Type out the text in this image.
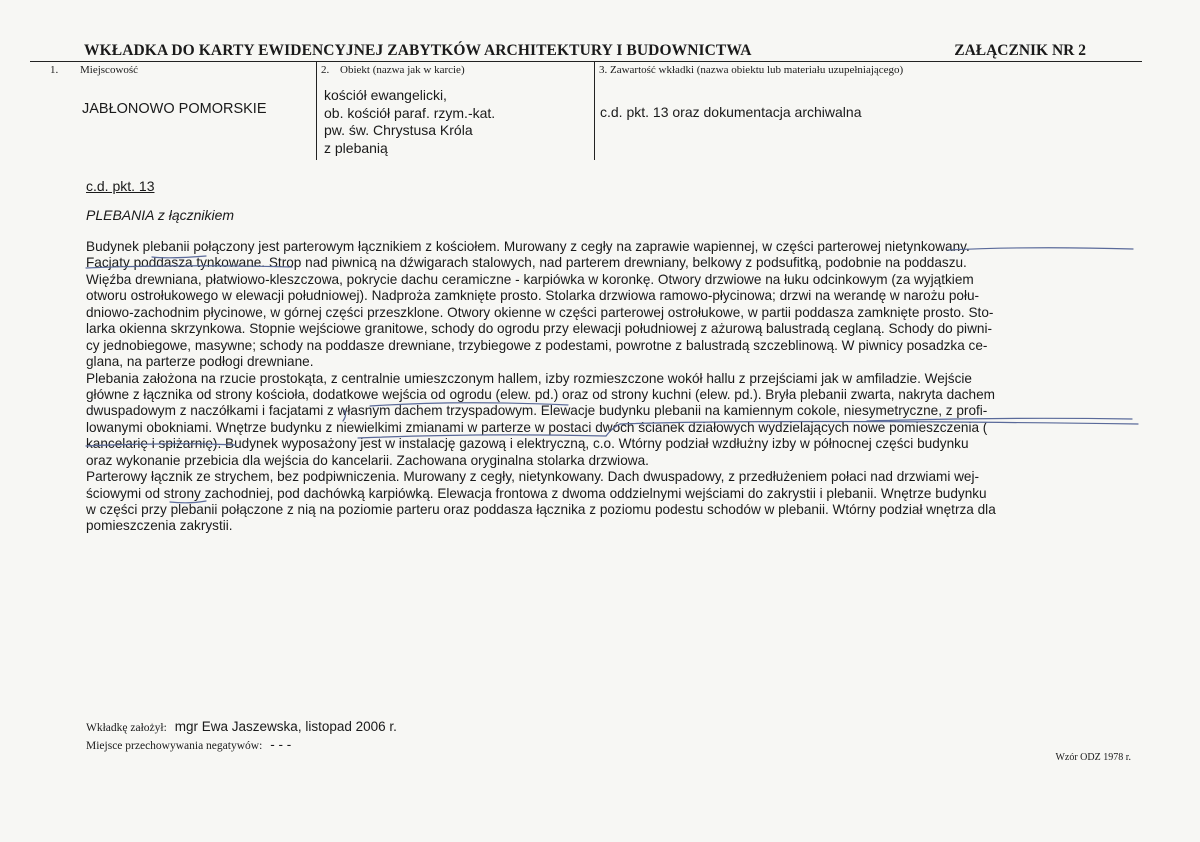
WKŁADKA DO KARTY EWIDENCYJNEJ ZABYTKÓW ARCHITEKTURY I BUDOWNICTWA	ZAŁĄCZNIK NR 2
1. Miejscowość
JABŁONOWO POMORSKIE
2. Obiekt (nazwa jak w karcie)
kościół ewangelicki,
ob. kościół paraf. rzym.-kat.
pw. św. Chrystusa Króla
z plebanią
3. Zawartość wkładki (nazwa obiektu lub materiału uzupełniającego)
c.d. pkt. 13 oraz dokumentacja archiwalna
c.d. pkt. 13
PLEBANIA z łącznikiem
Budynek plebanii połączony jest parterowym łącznikiem z kościołem. Murowany z cegły na zaprawie wapiennej, w części parterowej nietynkowany.
Facjaty poddasza tynkowane. Strop nad piwnicą na dźwigarach stalowych, nad parterem drewniany, belkowy z podsufitką, podobnie na poddaszu.
Więźba drewniana, płatwiowo-kleszczowa, pokrycie dachu ceramiczne - karpiówka w koronkę. Otwory drzwiowe na łuku odcinkowym (za wyjątkiem
otworu ostrołukowego w elewacji południowej). Nadproża zamknięte prosto. Stolarka drzwiowa ramowo-płycinowa; drzwi na werandę w narożu połu-
dniowo-zachodnim płycinowe, w górnej części przeszklone. Otwory okienne w części parterowej ostrołukowe, w partii poddasza zamknięte prosto. Sto-
larka okienna skrzynkowa. Stopnie wejściowe granitowe, schody do ogrodu przy elewacji południowej z ażurową balustradą ceglaną. Schody do piwni-
cy jednobiegowe, masywne; schody na poddasze drewniane, trzybiegowe z podestami, powrotne z balustradą szczeblinową. W piwnicy posadzka ce-
glana, na parterze podłogi drewniane.
Plebania założona na rzucie prostokąta, z centralnie umieszczonym hallem, izby rozmieszczone wokół hallu z przejściami jak w amfiladzie. Wejście
główne z łącznika od strony kościoła, dodatkowe wejścia od ogrodu (elew. pd.) oraz od strony kuchni (elew. pd.). Bryła plebanii zwarta, nakryta dachem
dwuspadowym z naczółkami i facjatami z własnym dachem trzyspadowym. Elewacje budynku plebanii na kamiennym cokole, niesymetryczne, z profi-
lowanymi obokniami. Wnętrze budynku z niewielkimi zmianami w parterze w postaci dwóch ścianek działowych wydzielających nowe pomieszczenia (
kancelarię i spiżarnię). Budynek wyposażony jest w instalację gazową i elektryczną, c.o. Wtórny podział wzdłużny izby w północnej części budynku
oraz wykonanie przebicia dla wejścia do kancelarii. Zachowana oryginalna stolarka drzwiowa.
Parterowy łącznik ze strychem, bez podpiwniczenia. Murowany z cegły, nietynkowany. Dach dwuspadowy, z przedłużeniem połaci nad drzwiami wej-
ściowymi od strony zachodniej, pod dachówką karpiówką. Elewacja frontowa z dwoma oddzielnymi wejściami do zakrystii i plebanii. Wnętrze budynku
w części przy plebanii połączone z nią na poziomie parteru oraz poddasza łącznika z poziomu podestu schodów w plebanii. Wtórny podział wnętrza dla
pomieszczenia zakrystii.
Wkładkę założył: mgr Ewa Jaszewska, listopad 2006 r.
Miejsce przechowywania negatywów: - - -
Wzór ODZ 1978 r.
